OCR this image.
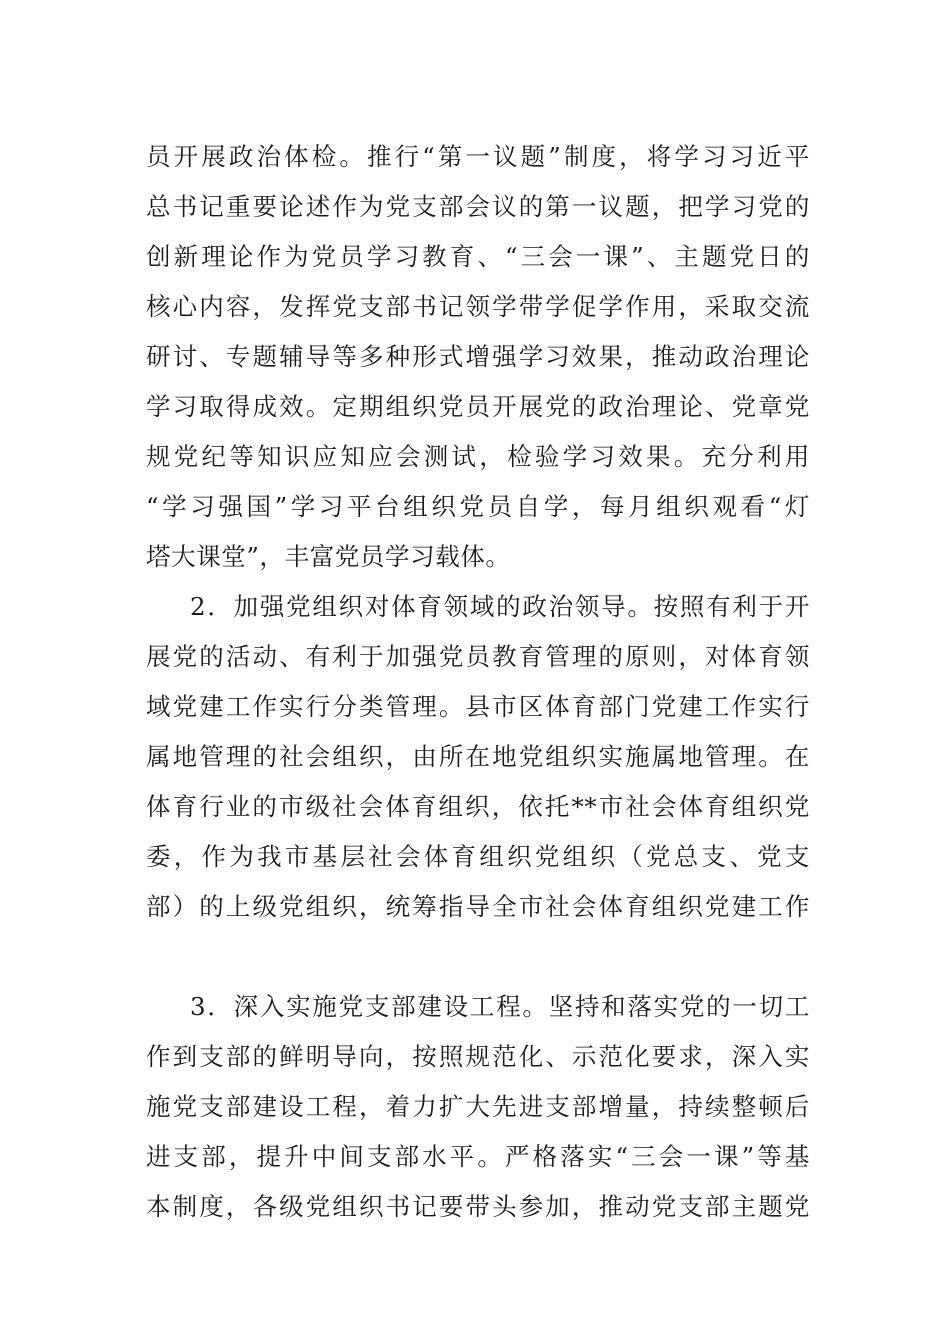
员开展政治体检。推行“第一议题”制度，将学习习近平
总书记重要论述作为党支部会议的第一议题，把学习党的
创新理论作为党员学习教育、“三会一课”、主题党日的
核心内容，发挥党支部书记领学带学促学作用，采取交流
研讨、专题辅导等多种形式增强学习效果，推动政治理论
学习取得成效。定期组织党员开展党的政治理论、党章党
规党纪等知识应知应会测试，检验学习效果。充分利用
“学习强国”学习平台组织党员自学，每月组织观看“灯
塔大课堂”，丰富党员学习载体。
2．加强党组织对体育领域的政治领导。按照有利于开
展党的活动、有利于加强党员教育管理的原则，对体育领
域党建工作实行分类管理。县市区体育部门党建工作实行
属地管理的社会组织，由所在地党组织实施属地管理。在
体育行业的市级社会体育组织，依托**市社会体育组织党
委，作为我市基层社会体育组织党组织（党总支、党支
部）的上级党组织，统筹指导全市社会体育组织党建工作
3．深入实施党支部建设工程。坚持和落实党的一切工
作到支部的鲜明导向，按照规范化、示范化要求，深入实
施党支部建设工程，着力扩大先进支部增量，持续整顿后
进支部，提升中间支部水平。严格落实“三会一课”等基
本制度，各级党组织书记要带头参加，推动党支部主题党
